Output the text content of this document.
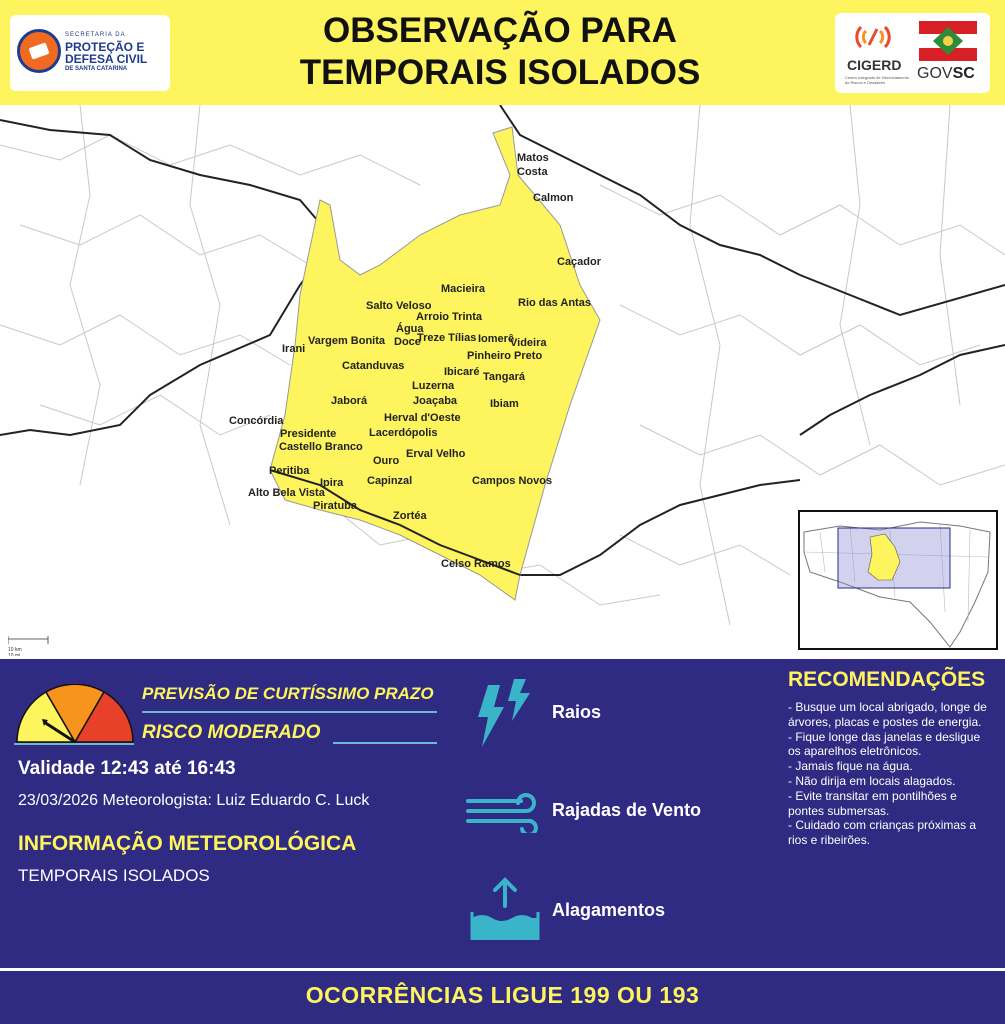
SECRETARIA DA
PROTEÇÃO E
DEFESA CIVIL
DE SANTA CATARINA
OBSERVAÇÃO PARA
TEMPORAIS ISOLADOS	CIGERD
Centro Integrado de Gerenciamento de Riscos e Desastres
GOVSC
Matos
Costa
Calmon
Caçador
Macieira
Rio das Antas
Salto Veloso
Arroio Trinta
Água
Doce
Treze Tílias Iomerê
Videira
Vargem Bonita
Irani
Pinheiro Preto
Catanduvas	Ibicaré Tangará
Luzerna
Jaborá	Joaçaba	Ibiam
Herval d'Oeste
Concórdia
Presidente	Lacerdópolis
Castello Branco
Ouro
Erval Velho
Peritiba
Capinzal	Campos Novos
Ipira
Alto Bela Vista
Piratuba
Zortéa
Celso Ramos
10 km
10 mi
PREVISÃO DE CURTÍSSIMO PRAZO
RISCO MODERADO
Validade 12:43 até 16:43
23/03/2026 Meteorologista: Luiz Eduardo C. Luck
INFORMAÇÃO METEOROLÓGICA
TEMPORAIS ISOLADOS
Raios
Rajadas de Vento
Alagamentos
RECOMENDAÇÕES
- Busque um local abrigado, longe de árvores, placas e postes de energia.
- Fique longe das janelas e desligue os aparelhos eletrônicos.
- Jamais fique na água.
- Não dirija em locais alagados.
- Evite transitar em pontilhões e pontes submersas.
- Cuidado com crianças próximas a rios e ribeirões.
OCORRÊNCIAS LIGUE 199 OU 193
